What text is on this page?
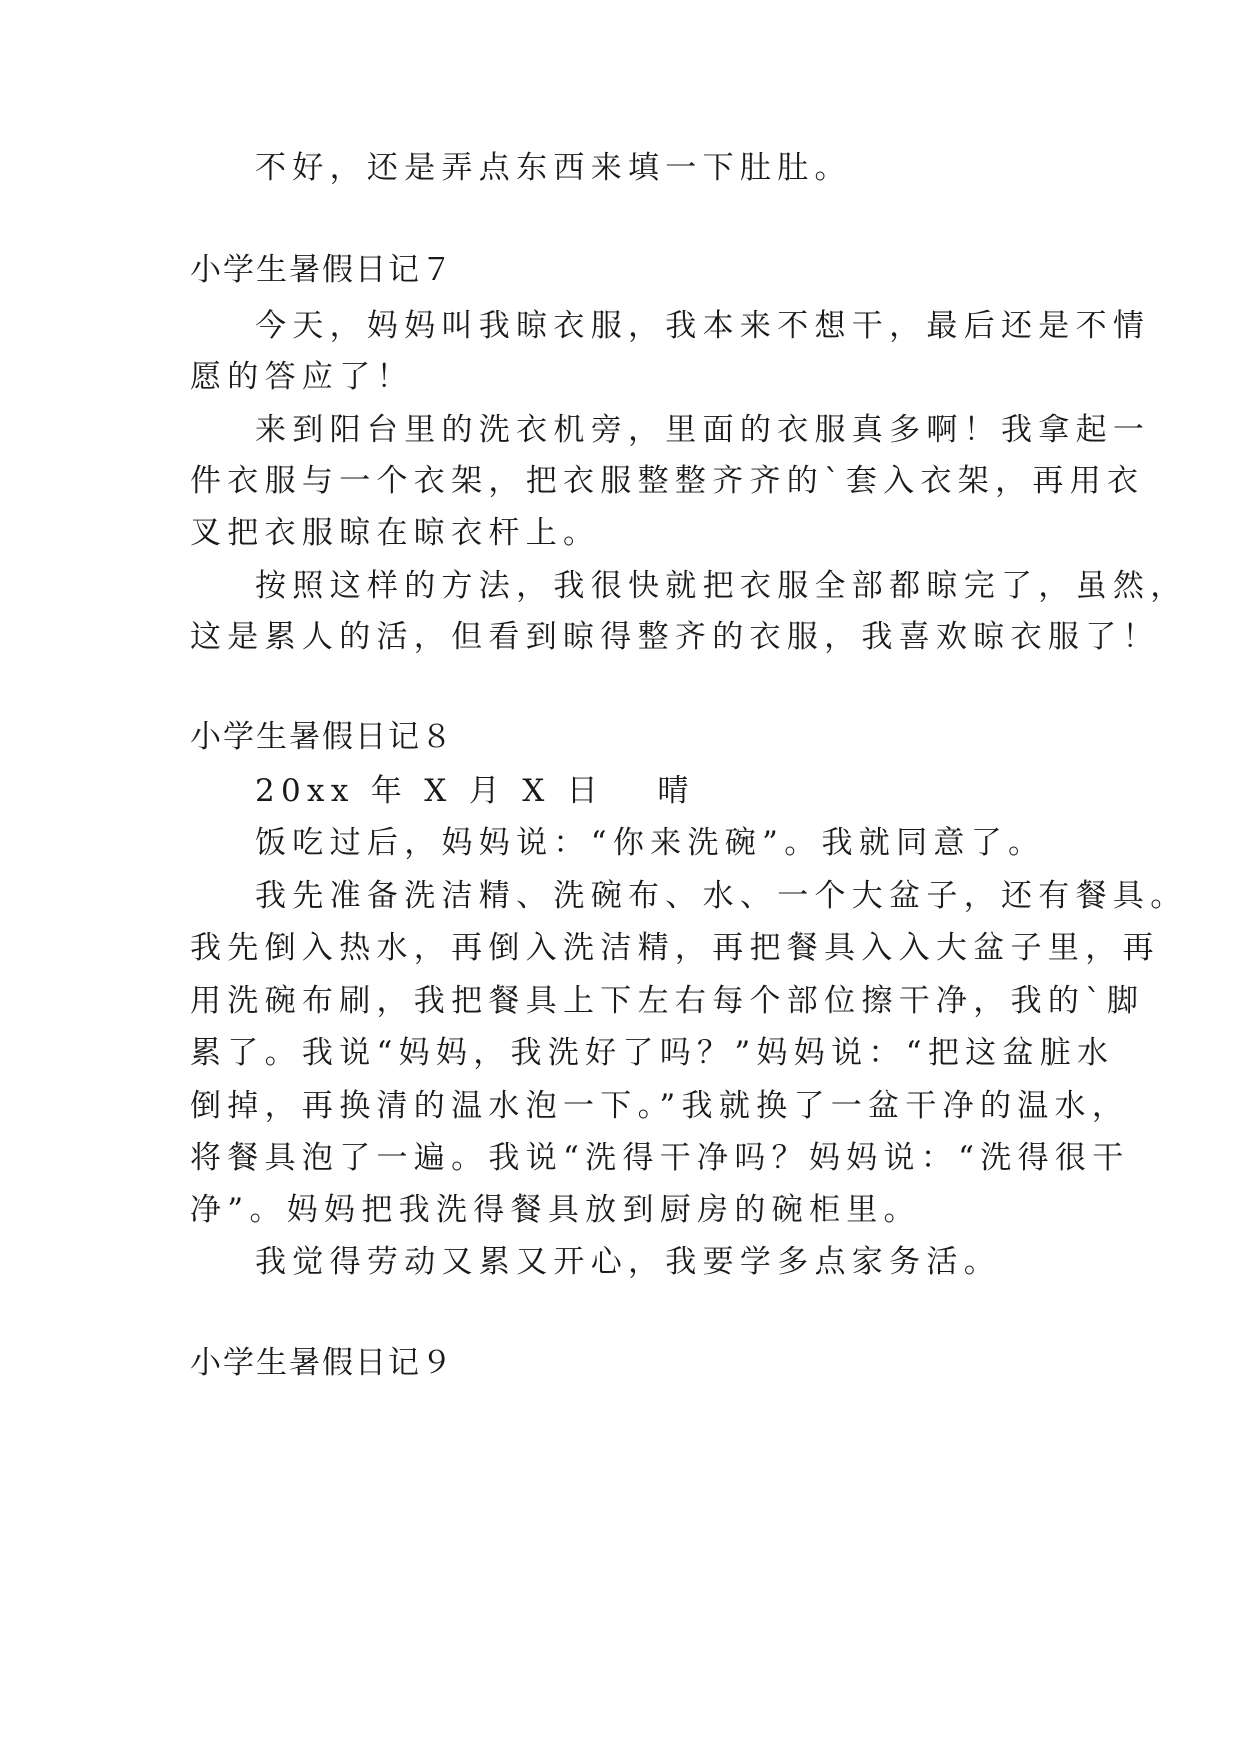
不好，还是弄点东西来填一下肚肚。
小学生暑假日记７
今天，妈妈叫我晾衣服，我本来不想干，最后还是不情
愿的答应了！
来到阳台里的洗衣机旁，里面的衣服真多啊！我拿起一
件衣服与一个衣架，把衣服整整齐齐的`套入衣架，再用衣
叉把衣服晾在晾衣杆上。
按照这样的方法，我很快就把衣服全部都晾完了，虽然，
这是累人的活，但看到晾得整齐的衣服，我喜欢晾衣服了！
小学生暑假日记８
20xx 年 X 月 X 日　 晴
饭吃过后，妈妈说：“你来洗碗”。我就同意了。
我先准备洗洁精、洗碗布、水、一个大盆子，还有餐具。
我先倒入热水，再倒入洗洁精，再把餐具入入大盆子里，再
用洗碗布刷，我把餐具上下左右每个部位擦干净，我的`脚
累了。我说“妈妈，我洗好了吗？”妈妈说：“把这盆脏水
倒掉，再换清的温水泡一下。”我就换了一盆干净的温水，
将餐具泡了一遍。我说“洗得干净吗？妈妈说：“洗得很干
净”。妈妈把我洗得餐具放到厨房的碗柜里。
我觉得劳动又累又开心，我要学多点家务活。
小学生暑假日记９
